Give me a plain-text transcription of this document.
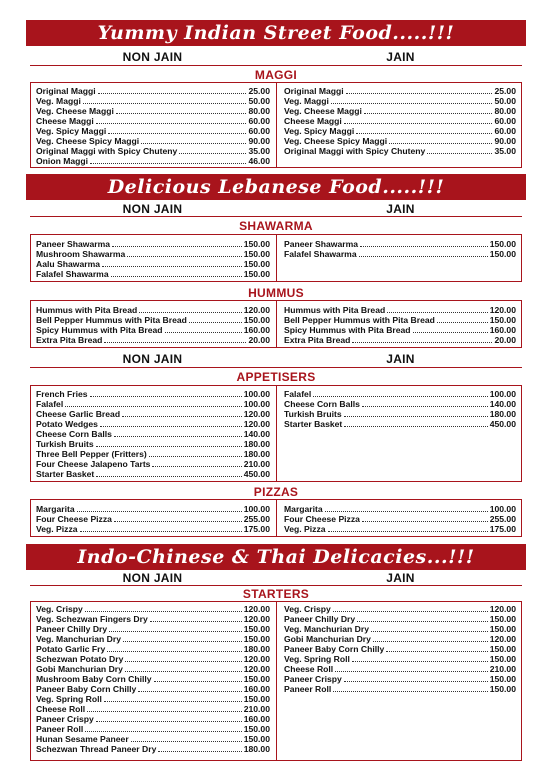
Yummy Indian Street Food.....!!!
NON JAIN	JAIN
MAGGI
Original Maggi	25.00
Veg. Maggi	50.00
Veg. Cheese Maggi	80.00
Cheese Maggi	60.00
Veg. Spicy Maggi	60.00
Veg. Cheese Spicy Maggi	90.00
Original Maggi with Spicy Chuteny	35.00
Onion Maggi	46.00
Original Maggi	25.00
Veg. Maggi	50.00
Veg. Cheese Maggi	80.00
Cheese Maggi	60.00
Veg. Spicy Maggi	60.00
Veg. Cheese Spicy Maggi	90.00
Original Maggi with Spicy Chuteny	35.00
Delicious Lebanese Food.....!!!
NON JAIN	JAIN
SHAWARMA
Paneer Shawarma	150.00
Mushroom Shawarma	150.00
Aalu Shawarma	150.00
Falafel Shawarma	150.00
Paneer Shawarma	150.00
Falafel Shawarma	150.00
HUMMUS
Hummus with Pita Bread	120.00
Bell Pepper Hummus with Pita Bread	150.00
Spicy Hummus with Pita Bread	160.00
Extra Pita Bread	20.00
Hummus with Pita Bread	120.00
Bell Pepper Hummus with Pita Bread	150.00
Spicy Hummus with Pita Bread	160.00
Extra Pita Bread	20.00
NON JAIN	JAIN
APPETISERS
French Fries	100.00
Falafel	100.00
Cheese Garlic Bread	120.00
Potato Wedges	120.00
Cheese Corn Balls	140.00
Turkish Bruits	180.00
Three Bell Pepper (Fritters)	180.00
Four Cheese Jalapeno Tarts	210.00
Starter Basket	450.00
Falafel	100.00
Cheese Corn Balls	140.00
Turkish Bruits	180.00
Starter Basket	450.00
PIZZAS
Margarita	100.00
Four Cheese Pizza	255.00
Veg. Pizza	175.00
Margarita	100.00
Four Cheese Pizza	255.00
Veg. Pizza	175.00
Indo-Chinese & Thai Delicacies...!!!
NON JAIN	JAIN
STARTERS
Veg. Crispy	120.00
Veg. Schezwan Fingers Dry	120.00
Paneer Chilly Dry	150.00
Veg. Manchurian Dry	150.00
Potato Garlic Fry	180.00
Schezwan Potato Dry	120.00
Gobi Manchurian Dry	120.00
Mushroom Baby Corn Chilly	150.00
Paneer Baby Corn Chilly	160.00
Veg. Spring Roll	150.00
Cheese Roll	210.00
Paneer Crispy	160.00
Paneer Roll	150.00
Hunan Sesame Paneer	150.00
Schezwan Thread Paneer Dry	180.00
Veg. Crispy	120.00
Paneer Chilly Dry	150.00
Veg. Manchurian Dry	150.00
Gobi Manchurian Dry	120.00
Paneer Baby Corn Chilly	150.00
Veg. Spring Roll	150.00
Cheese Roll	210.00
Paneer Crispy	150.00
Paneer Roll	150.00
